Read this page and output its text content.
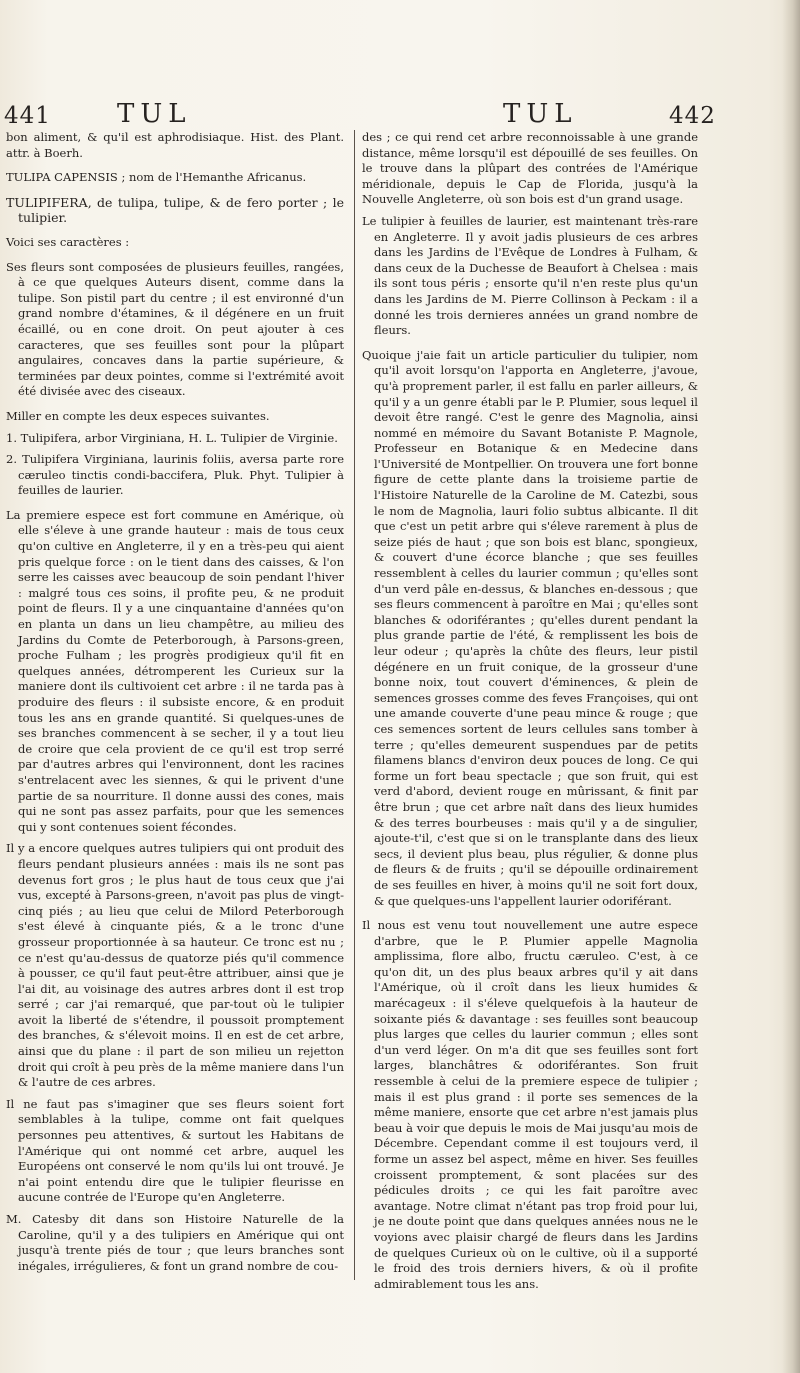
441	TUL	TUL	442

bon aliment, & qu'il est aphrodisiaque. Hist. des Plant. attr. à Boerh.

TULIPA CAPENSIS ; nom de l'Hemanthe Africanus.

TULIPIFERA, de tulipa, tulipe, & de fero porter ; le tulipier.

Voici ses caractères :

Ses fleurs sont composées de plusieurs feuilles, rangées, à ce que quelques Auteurs disent, comme dans la tulipe. Son pistil part du centre ; il est environné d'un grand nombre d'étamines, & il dégénere en un fruit écaillé, ou en cone droit. On peut ajouter à ces caracteres, que ses feuilles sont pour la plûpart angulaires, concaves dans la partie supérieure, & terminées par deux pointes, comme si l'extrémité avoit été divisée avec des ciseaux.

Miller en compte les deux especes suivantes.

1. Tulipifera, arbor Virginiana, H. L. Tulipier de Virginie.

2. Tulipifera Virginiana, laurinis foliis, aversa parte rore cæruleo tinctis condi-baccifera, Pluk. Phyt. Tulipier à feuilles de laurier.

La premiere espece est fort commune en Amérique, où elle s'éleve à une grande hauteur : mais de tous ceux qu'on cultive en Angleterre, il y en a très-peu qui aient pris quelque force : on le tient dans des caisses, & l'on serre les caisses avec beaucoup de soin pendant l'hiver : malgré tous ces soins, il profite peu, & ne produit point de fleurs. Il y a une cinquantaine d'années qu'on en planta un dans un lieu champêtre, au milieu des Jardins du Comte de Peterborough, à Parsons-green, proche Fulham ; les progrès prodigieux qu'il fit en quelques années, détromperent les Curieux sur la maniere dont ils cultivoient cet arbre : il ne tarda pas à produire des fleurs : il subsiste encore, & en produit tous les ans en grande quantité. Si quelques-unes de ses branches commencent à se secher, il y a tout lieu de croire que cela provient de ce qu'il est trop serré par d'autres arbres qui l'environnent, dont les racines s'entrelacent avec les siennes, & qui le privent d'une partie de sa nourriture. Il donne aussi des cones, mais qui ne sont pas assez parfaits, pour que les semences qui y sont contenues soient fécondes.

Il y a encore quelques autres tulipiers qui ont produit des fleurs pendant plusieurs années : mais ils ne sont pas devenus fort gros ; le plus haut de tous ceux que j'ai vus, excepté à Parsons-green, n'avoit pas plus de vingt-cinq piés ; au lieu que celui de Milord Peterborough s'est élevé à cinquante piés, & a le tronc d'une grosseur proportionnée à sa hauteur. Ce tronc est nu ; ce n'est qu'au-dessus de quatorze piés qu'il commence à pousser, ce qu'il faut peut-être attribuer, ainsi que je l'ai dit, au voisinage des autres arbres dont il est trop serré ; car j'ai remarqué, que par-tout où le tulipier avoit la liberté de s'étendre, il poussoit promptement des branches, & s'élevoit moins. Il en est de cet arbre, ainsi que du plane : il part de son milieu un rejetton droit qui croît à peu près de la même maniere dans l'un & l'autre de ces arbres.

Il ne faut pas s'imaginer que ses fleurs soient fort semblables à la tulipe, comme ont fait quelques personnes peu attentives, & surtout les Habitans de l'Amérique qui ont nommé cet arbre, auquel les Européens ont conservé le nom qu'ils lui ont trouvé. Je n'ai point entendu dire que le tulipier fleurisse en aucune contrée de l'Europe qu'en Angleterre.

M. Catesby dit dans son Histoire Naturelle de la Caroline, qu'il y a des tulipiers en Amérique qui ont jusqu'à trente piés de tour ; que leurs branches sont inégales, irrégulieres, & font un grand nombre de cou-

des ; ce qui rend cet arbre reconnoissable à une grande distance, même lorsqu'il est dépouillé de ses feuilles. On le trouve dans la plûpart des contrées de l'Amérique méridionale, depuis le Cap de Florida, jusqu'à la Nouvelle Angleterre, où son bois est d'un grand usage.

Le tulipier à feuilles de laurier, est maintenant très-rare en Angleterre. Il y avoit jadis plusieurs de ces arbres dans les Jardins de l'Evêque de Londres à Fulham, & dans ceux de la Duchesse de Beaufort à Chelsea : mais ils sont tous péris ; ensorte qu'il n'en reste plus qu'un dans les Jardins de M. Pierre Collinson à Peckam : il a donné les trois dernieres années un grand nombre de fleurs.

Quoique j'aie fait un article particulier du tulipier, nom qu'il avoit lorsqu'on l'apporta en Angleterre, j'avoue, qu'à proprement parler, il est fallu en parler ailleurs, & qu'il y a un genre établi par le P. Plumier, sous lequel il devoit être rangé. C'est le genre des Magnolia, ainsi nommé en mémoire du Savant Botaniste P. Magnole, Professeur en Botanique & en Medecine dans l'Université de Montpellier. On trouvera une fort bonne figure de cette plante dans la troisieme partie de l'Histoire Naturelle de la Caroline de M. Catezbi, sous le nom de Magnolia, lauri folio subtus albicante. Il dit que c'est un petit arbre qui s'éleve rarement à plus de seize piés de haut ; que son bois est blanc, spongieux, & couvert d'une écorce blanche ; que ses feuilles ressemblent à celles du laurier commun ; qu'elles sont d'un verd pâle en-dessus, & blanches en-dessous ; que ses fleurs commencent à paroître en Mai ; qu'elles sont blanches & odoriférantes ; qu'elles durent pendant la plus grande partie de l'été, & remplissent les bois de leur odeur ; qu'après la chûte des fleurs, leur pistil dégénere en un fruit conique, de la grosseur d'une bonne noix, tout couvert d'éminences, & plein de semences grosses comme des feves Françoises, qui ont une amande couverte d'une peau mince & rouge ; que ces semences sortent de leurs cellules sans tomber à terre ; qu'elles demeurent suspendues par de petits filamens blancs d'environ deux pouces de long. Ce qui forme un fort beau spectacle ; que son fruit, qui est verd d'abord, devient rouge en mûrissant, & finit par être brun ; que cet arbre naît dans des lieux humides & des terres bourbeuses : mais qu'il y a de singulier, ajoute-t'il, c'est que si on le transplante dans des lieux secs, il devient plus beau, plus régulier, & donne plus de fleurs & de fruits ; qu'il se dépouille ordinairement de ses feuilles en hiver, à moins qu'il ne soit fort doux, & que quelques-uns l'appellent laurier odoriférant.

Il nous est venu tout nouvellement une autre espece d'arbre, que le P. Plumier appelle Magnolia amplissima, flore albo, fructu cæruleo. C'est, à ce qu'on dit, un des plus beaux arbres qu'il y ait dans l'Amérique, où il croît dans les lieux humides & marécageux : il s'éleve quelquefois à la hauteur de soixante piés & davantage : ses feuilles sont beaucoup plus larges que celles du laurier commun ; elles sont d'un verd léger. On m'a dit que ses feuilles sont fort larges, blanchâtres & odoriférantes. Son fruit ressemble à celui de la premiere espece de tulipier ; mais il est plus grand : il porte ses semences de la même maniere, ensorte que cet arbre n'est jamais plus beau à voir que depuis le mois de Mai jusqu'au mois de Décembre. Cependant comme il est toujours verd, il forme un assez bel aspect, même en hiver. Ses feuilles croissent promptement, & sont placées sur des pédicules droits ; ce qui les fait paroître avec avantage. Notre climat n'étant pas trop froid pour lui, je ne doute point que dans quelques années nous ne le voyions avec plaisir chargé de fleurs dans les Jardins de quelques Curieux où on le cultive, où il a supporté le froid des trois derniers hivers, & où il profite admirablement tous les ans.
